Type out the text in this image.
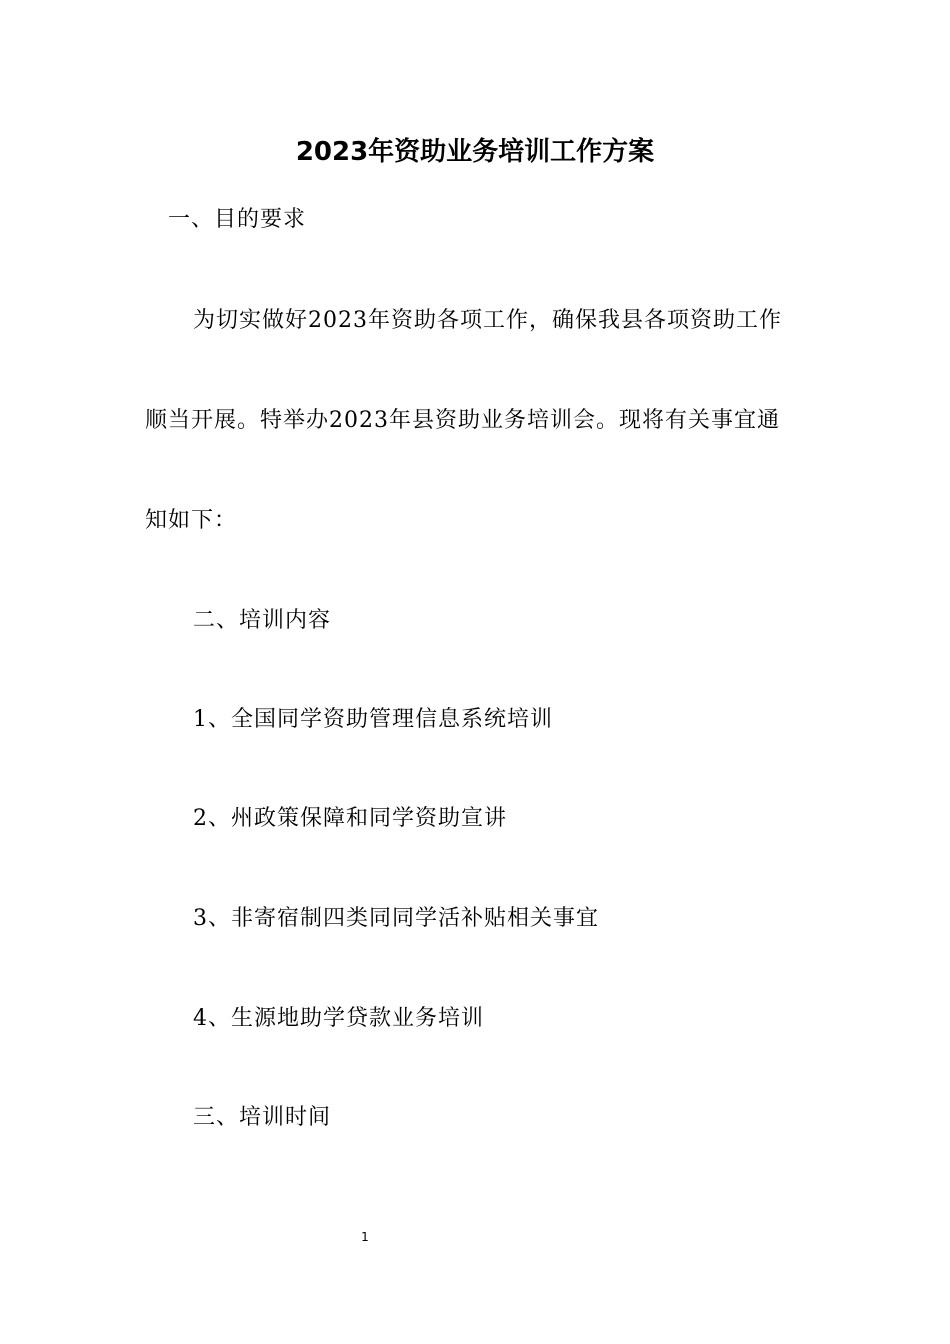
2023年资助业务培训工作方案
一、目的要求
为切实做好2023年资助各项工作，确保我县各项资助工作
顺当开展。特举办2023年县资助业务培训会。现将有关事宜通
知如下：
二、培训内容
1、全国同学资助管理信息系统培训
2、州政策保障和同学资助宣讲
3、非寄宿制四类同同学活补贴相关事宜
4、生源地助学贷款业务培训
三、培训时间
1
